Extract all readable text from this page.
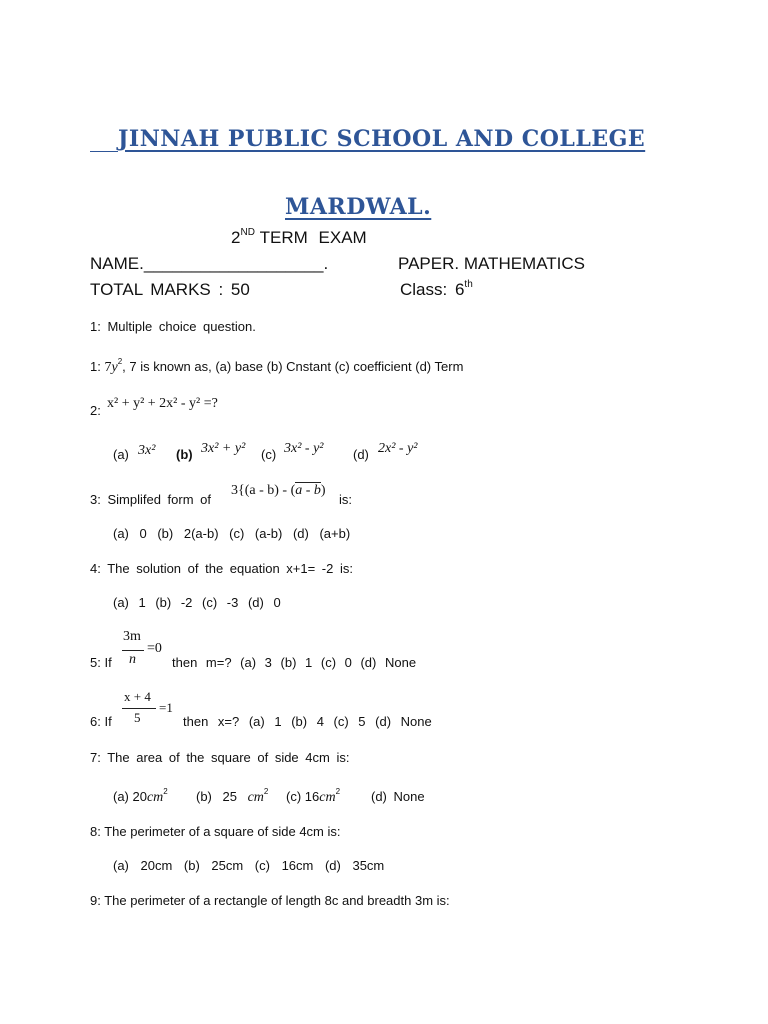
JINNAH PUBLIC SCHOOL AND COLLEGE
MARDWAL.
2ND TERM EXAM
NAME.___________________.	PAPER. MATHEMATICS
TOTAL MARKS : 50	Class: 6th
1: Multiple choice question.
1: $7y^2$, 7 is known as, (a) base (b) Cnstant (c) coefficient (d) Term
2: x² + y² + 2x² - y² =?
(a) 3x² (b) 3x² + y² (c) 3x² - y² (d) 2x² - y²
3: Simplifed form of
3{(a - b) - (a - b)
is:
(a) 0 (b) 2(a-b) (c) (a-b) (d) (a+b)
4: The solution of the equation x+1= -2 is:
(a) 1 (b) -2 (c) -3 (d) 0
5: If
3m
n
=0
then m=? (a) 3 (b) 1 (c) 0 (d) None
6: If
x + 4
5
=1
then x=? (a) 1 (b) 4 (c) 5 (d) None
7: The area of the square of side 4cm is:
(a) $20cm^2$ (b) 25 $cm^2$ (c) $16cm^2$ (d) None
8: The perimeter of a square of side 4cm is:
(a) 20cm (b) 25cm (c) 16cm (d) 35cm
9: The perimeter of a rectangle of length 8c and breadth 3m is:
